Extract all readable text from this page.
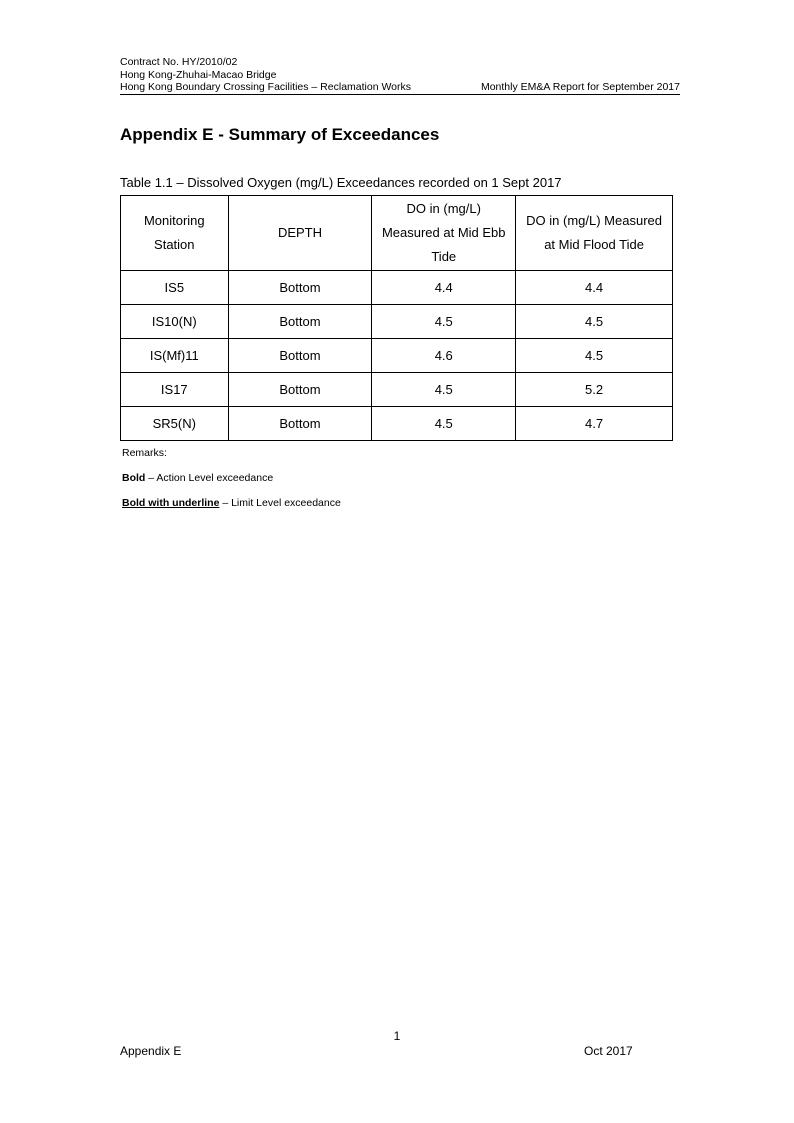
Contract No. HY/2010/02
Hong Kong-Zhuhai-Macao Bridge
Hong Kong Boundary Crossing Facilities – Reclamation Works	Monthly EM&A Report for September 2017
Appendix E - Summary of Exceedances
Table 1.1 – Dissolved Oxygen (mg/L) Exceedances recorded on 1 Sept 2017
Monitoring Station	DEPTH	DO in (mg/L) Measured at Mid Ebb Tide	DO in (mg/L) Measured at Mid Flood Tide
IS5	Bottom	4.4	4.4
IS10(N)	Bottom	4.5	4.5
IS(Mf)11	Bottom	4.6	4.5
IS17	Bottom	4.5	5.2
SR5(N)	Bottom	4.5	4.7
Remarks:
Bold – Action Level exceedance
Bold with underline – Limit Level exceedance
1
Appendix E	Oct 2017
